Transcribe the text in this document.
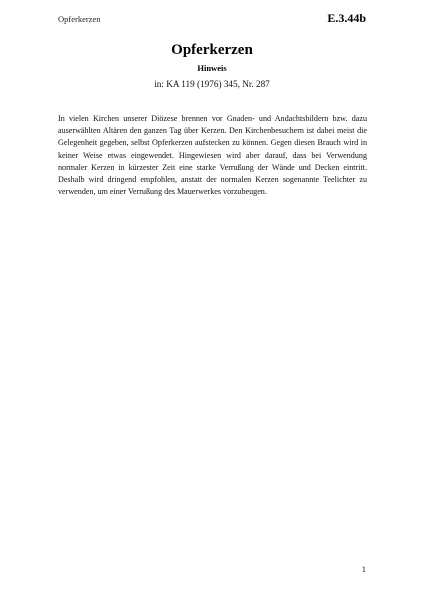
Opferkerzen	E.3.44b
Opferkerzen
Hinweis
in: KA 119 (1976) 345, Nr. 287

In vielen Kirchen unserer Diözese brennen vor Gnaden- und Andachtsbildern bzw. dazu auserwählten Altären den ganzen Tag über Kerzen. Den Kirchenbesuchern ist dabei meist die Gelegenheit gegeben, selbst Opferkerzen aufstecken zu können. Gegen diesen Brauch wird in keiner Weise etwas eingewendet. Hingewiesen wird aber darauf, dass bei Verwendung normaler Kerzen in kürzester Zeit eine starke Verrußung der Wände und Decken eintritt. Deshalb wird dringend empfohlen, anstatt der normalen Kerzen sogenannte Teelichter zu verwenden, um einer Verrußung des Mauerwerkes vorzubeugen.

1
